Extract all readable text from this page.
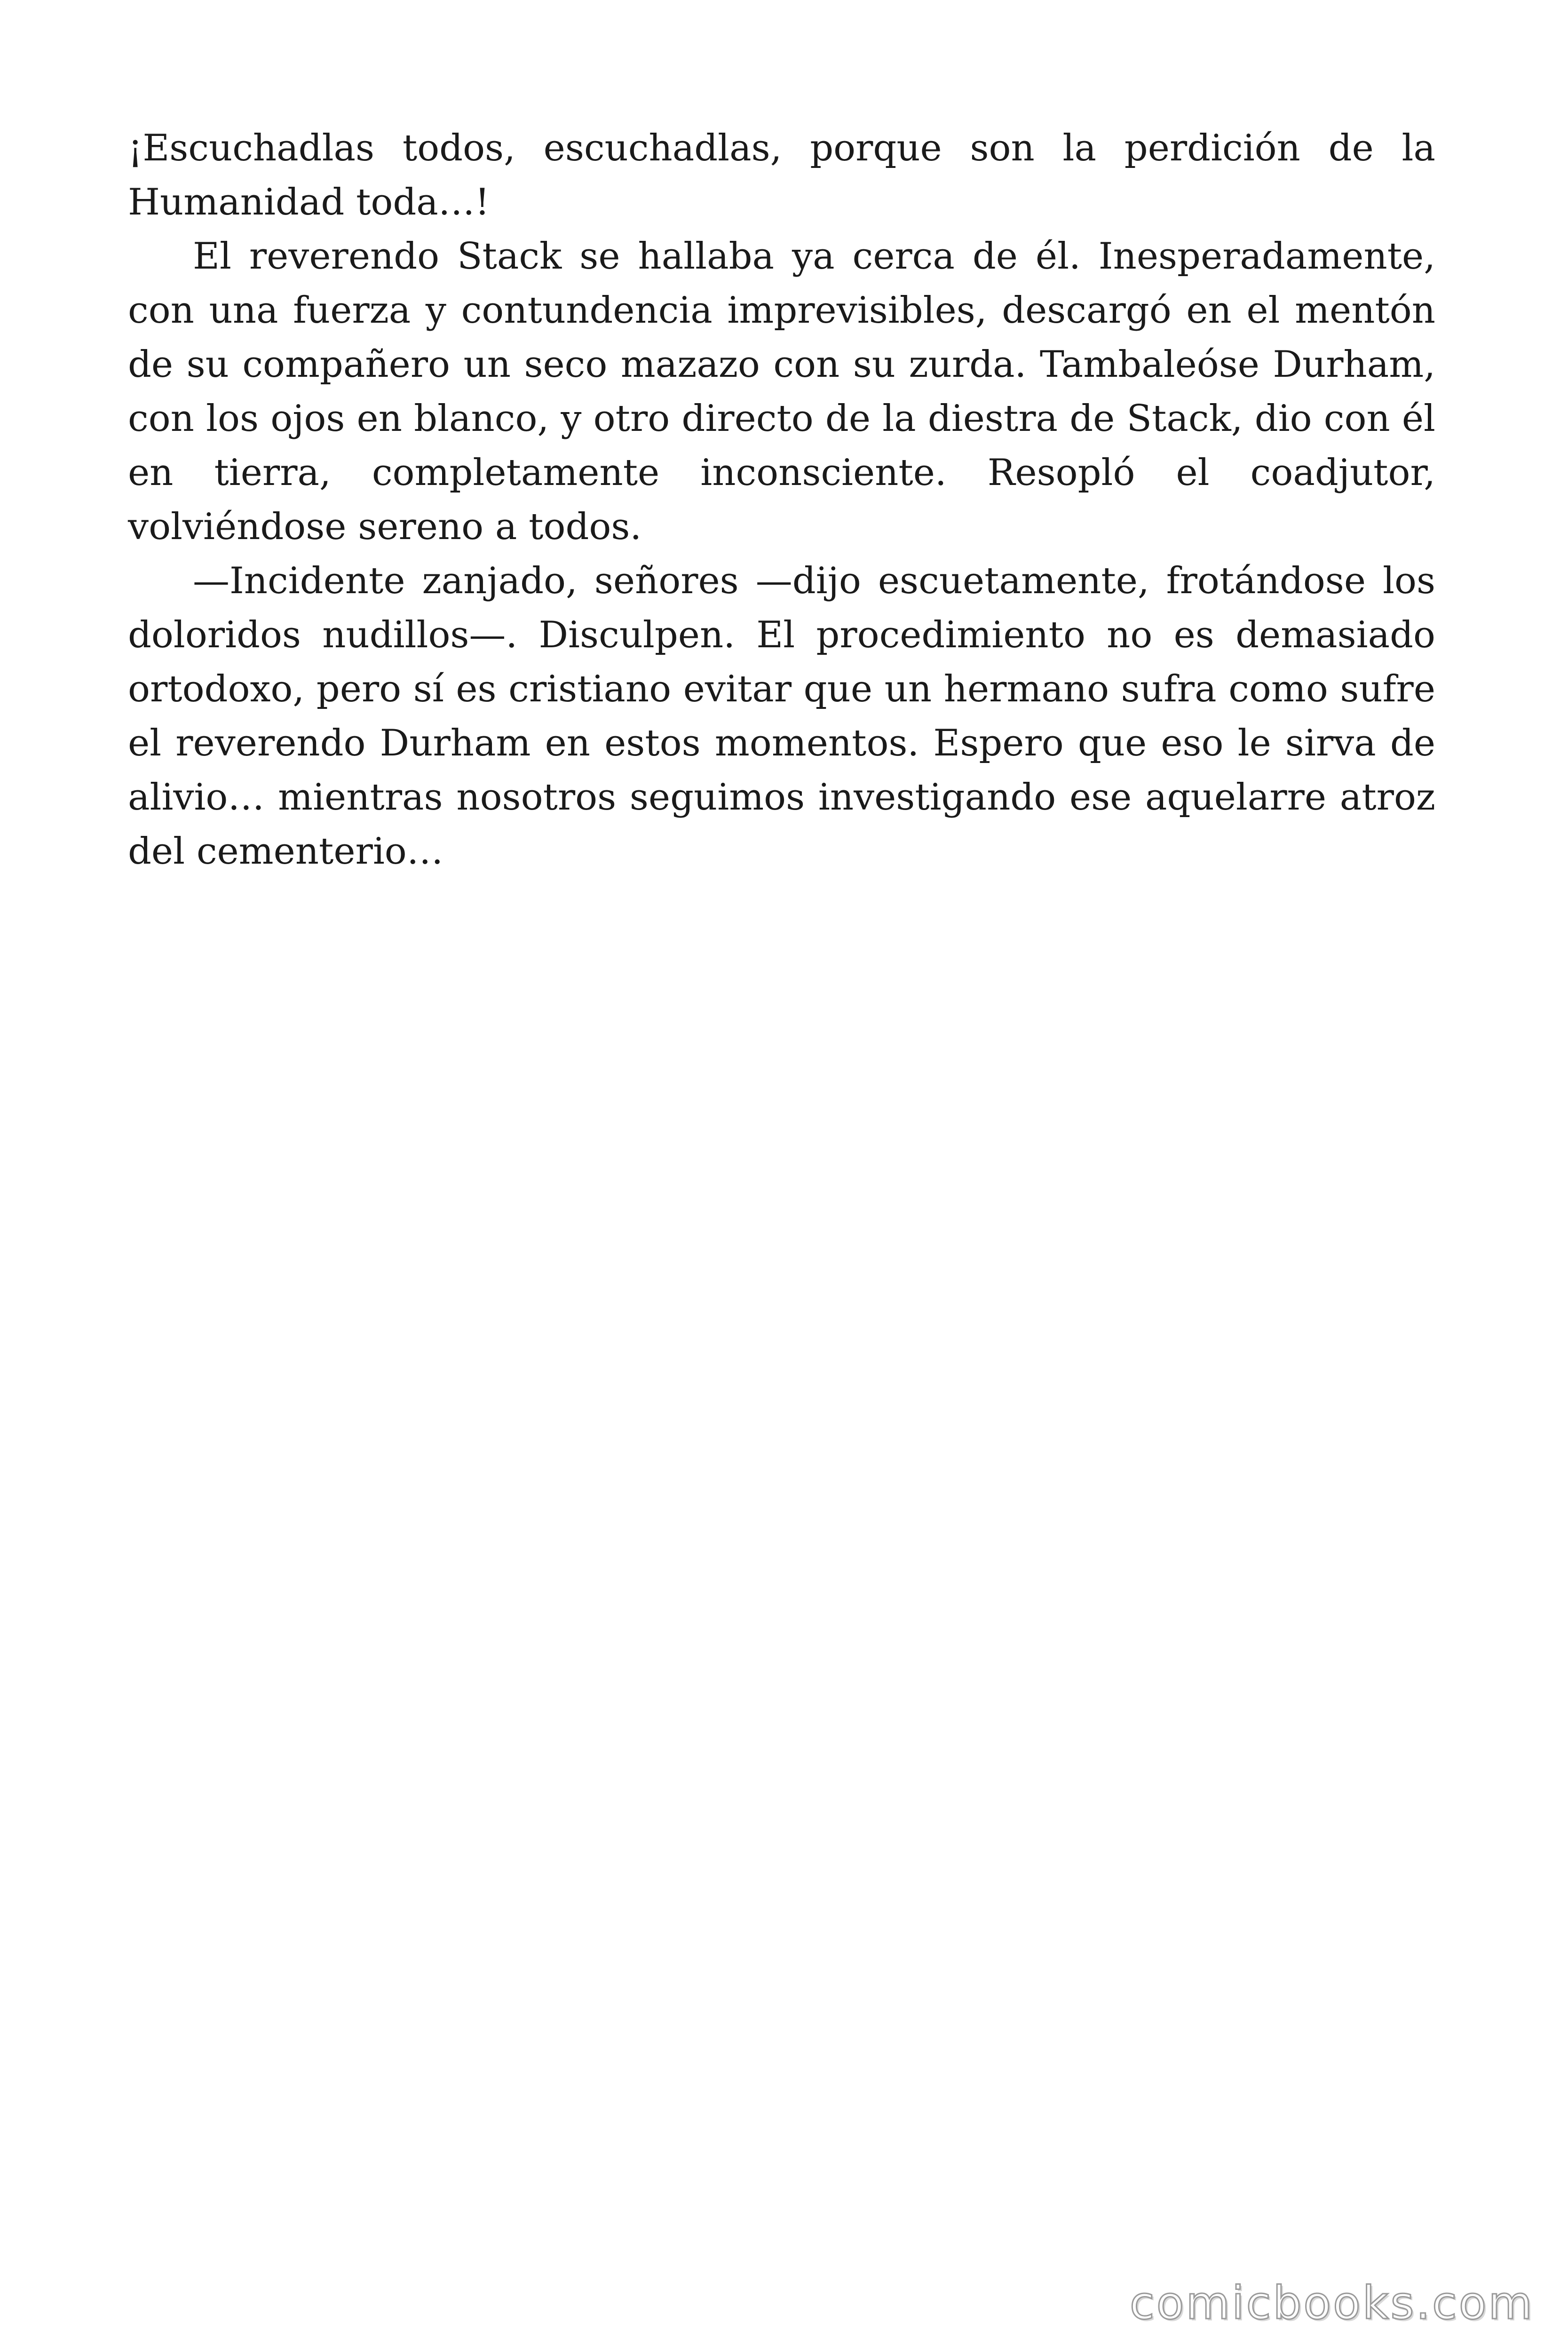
¡Escuchadlas todos, escuchadlas, porque son la perdición de la Humanidad toda…!

El reverendo Stack se hallaba ya cerca de él. Inesperadamente, con una fuerza y contundencia imprevisibles, descargó en el mentón de su compañero un seco mazazo con su zurda. Tambaleóse Durham, con los ojos en blanco, y otro directo de la diestra de Stack, dio con él en tierra, completamente inconsciente. Resopló el coadjutor, volviéndose sereno a todos.

—Incidente zanjado, señores —dijo escuetamente, frotándose los doloridos nudillos—. Disculpen. El procedimiento no es demasiado ortodoxo, pero sí es cristiano evitar que un hermano sufra como sufre el reverendo Durham en estos momentos. Espero que eso le sirva de alivio… mientras nosotros seguimos investigando ese aquelarre atroz del cementerio…

comicbooks.com
